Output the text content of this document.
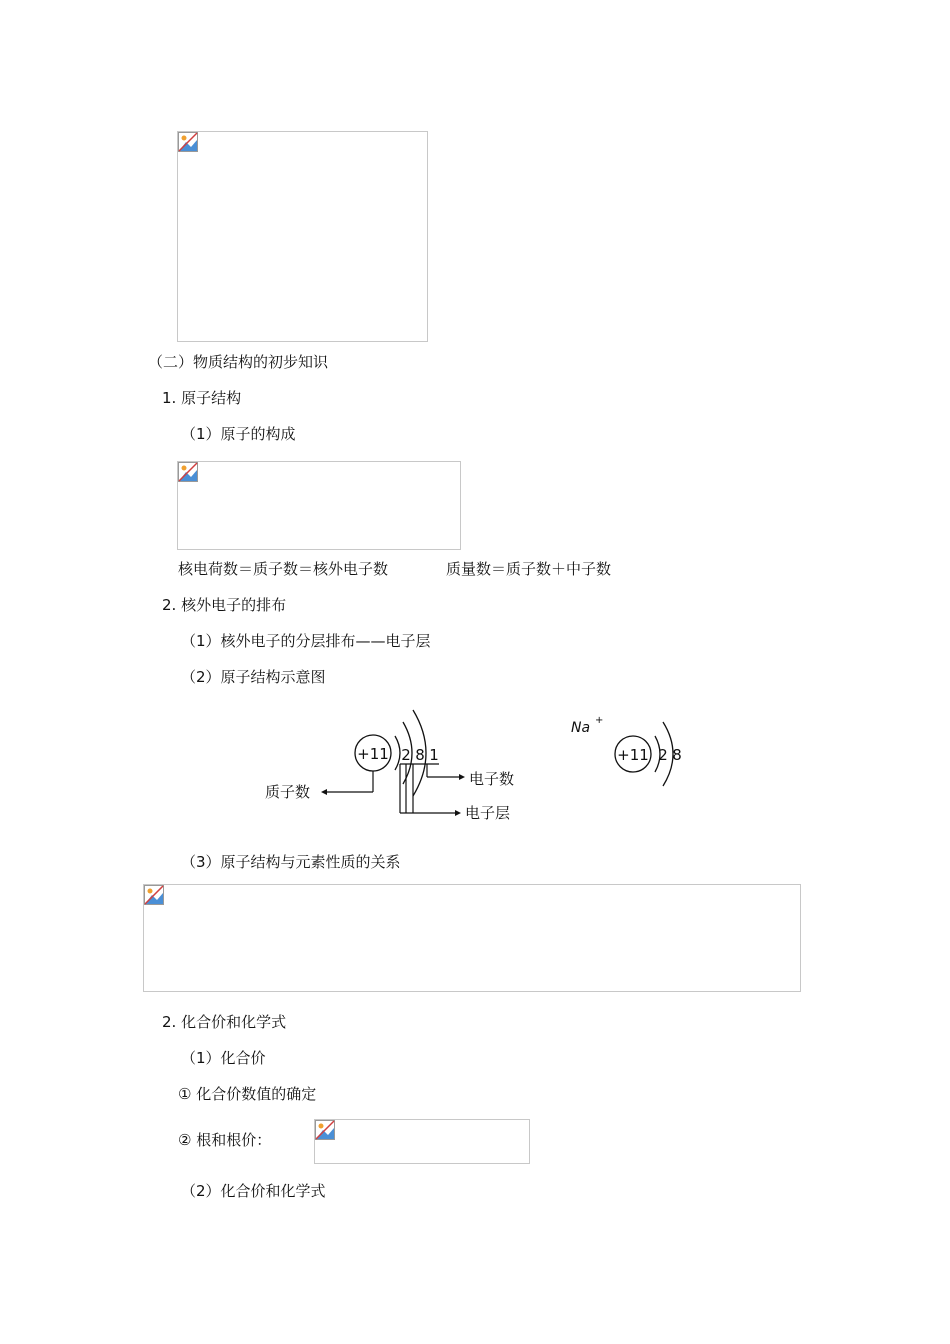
（二）物质结构的初步知识
1. 原子结构
（1）原子的构成
核电荷数＝质子数＝核外电子数	质量数＝质子数＋中子数
2. 核外电子的排布
（1）核外电子的分层排布——电子层
（2）原子结构示意图
+11 2 8 1
电子数
电子层
质子数
Na +
+11 2 8
（3）原子结构与元素性质的关系
2. 化合价和化学式
（1）化合价
① 化合价数值的确定
② 根和根价：
（2）化合价和化学式
